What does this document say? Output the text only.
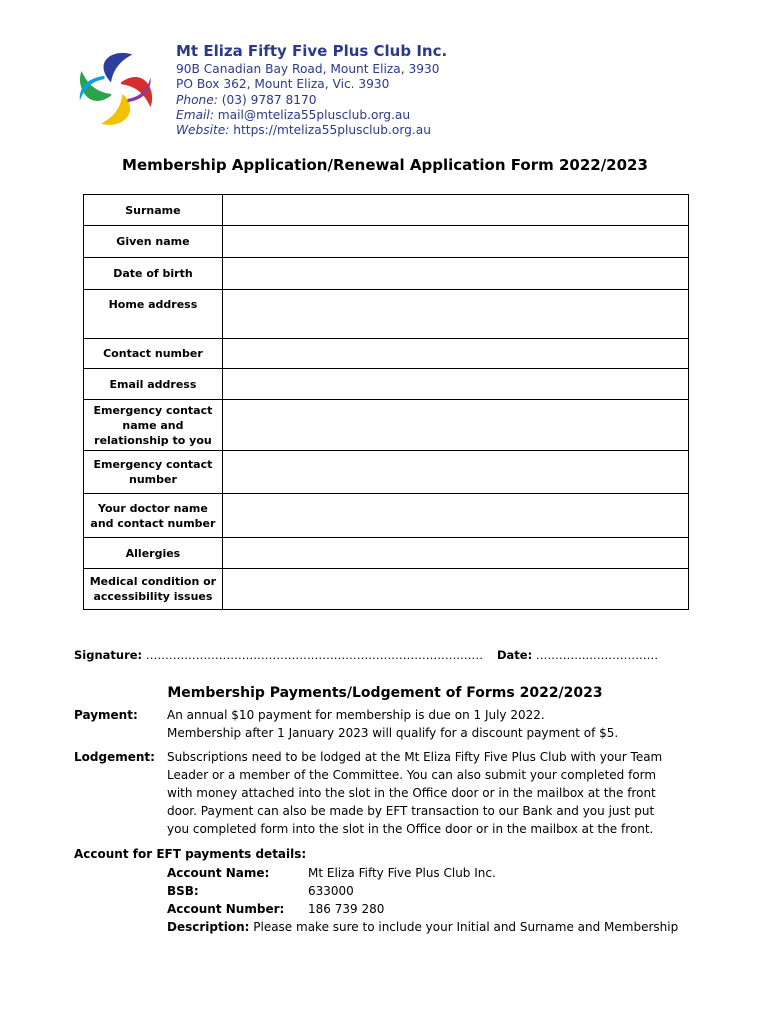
Mt Eliza Fifty Five Plus Club Inc.
90B Canadian Bay Road, Mount Eliza, 3930
PO Box 362, Mount Eliza, Vic. 3930
Phone: (03) 9787 8170
Email: mail@mteliza55plusclub.org.au
Website: https://mteliza55plusclub.org.au
Membership Application/Renewal Application Form 2022/2023
Surname	

Given name	

Date of birth	

Home address	

Contact number	

Email address	

Emergency contact
name and
relationship to you	

Emergency contact
number	

Your doctor name
and contact number	

Allergies	

Medical condition or
accessibility issues	

Signature: ……………………………………………………………………….…… Date: …………..………………
Membership Payments/Lodgement of Forms 2022/2023
Payment: An annual $10 payment for membership is due on 1 July 2022.
Membership after 1 January 2023 will qualify for a discount payment of $5.
Lodgement: Subscriptions need to be lodged at the Mt Eliza Fifty Five Plus Club with your Team
Leader or a member of the Committee. You can also submit your completed form
with money attached into the slot in the Office door or in the mailbox at the front
door. Payment can also be made by EFT transaction to our Bank and you just put
you completed form into the slot in the Office door or in the mailbox at the front.
Account for EFT payments details:
Account Name:	Mt Eliza Fifty Five Plus Club Inc.
BSB:	633000
Account Number: 186 739 280
Description: Please make sure to include your Initial and Surname and Membership
